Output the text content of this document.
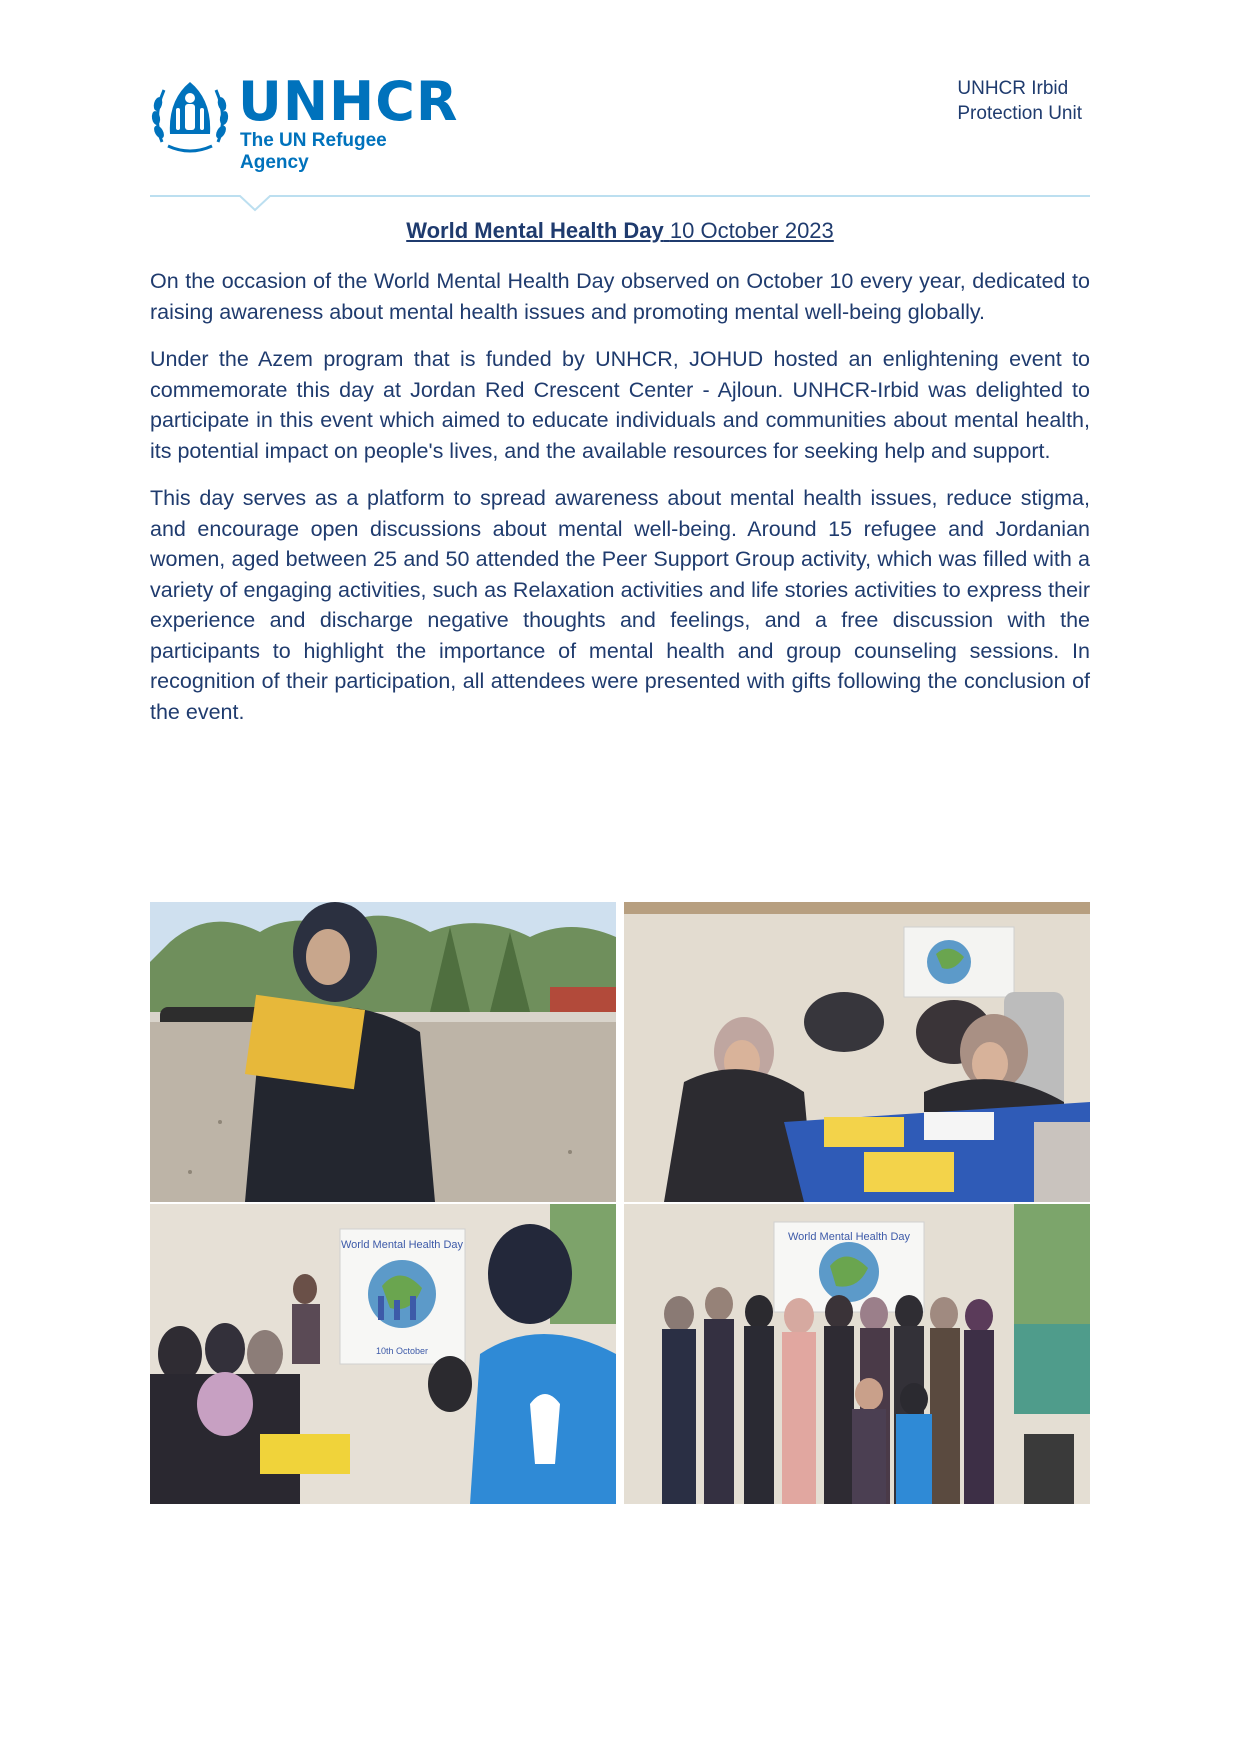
UNHCR
The UN Refugee Agency
UNHCR Irbid
Protection Unit
World Mental Health Day 10 October 2023

On the occasion of the World Mental Health Day observed on October 10 every year, dedicated to raising awareness about mental health issues and promoting mental well-being globally.

Under the Azem program that is funded by UNHCR, JOHUD hosted an enlightening event to commemorate this day at Jordan Red Crescent Center - Ajloun. UNHCR-Irbid was delighted to participate in this event which aimed to educate individuals and communities about mental health, its potential impact on people's lives, and the available resources for seeking help and support.

This day serves as a platform to spread awareness about mental health issues, reduce stigma, and encourage open discussions about mental well-being. Around 15 refugee and Jordanian women, aged between 25 and 50 attended the Peer Support Group activity, which was filled with a variety of engaging activities, such as Relaxation activities and life stories activities to express their experience and discharge negative thoughts and feelings, and a free discussion with the participants to highlight the importance of mental health and group counseling sessions. In recognition of their participation, all attendees were presented with gifts following the conclusion of the event.

World Mental Health Day
10th October
World Mental Health Day
